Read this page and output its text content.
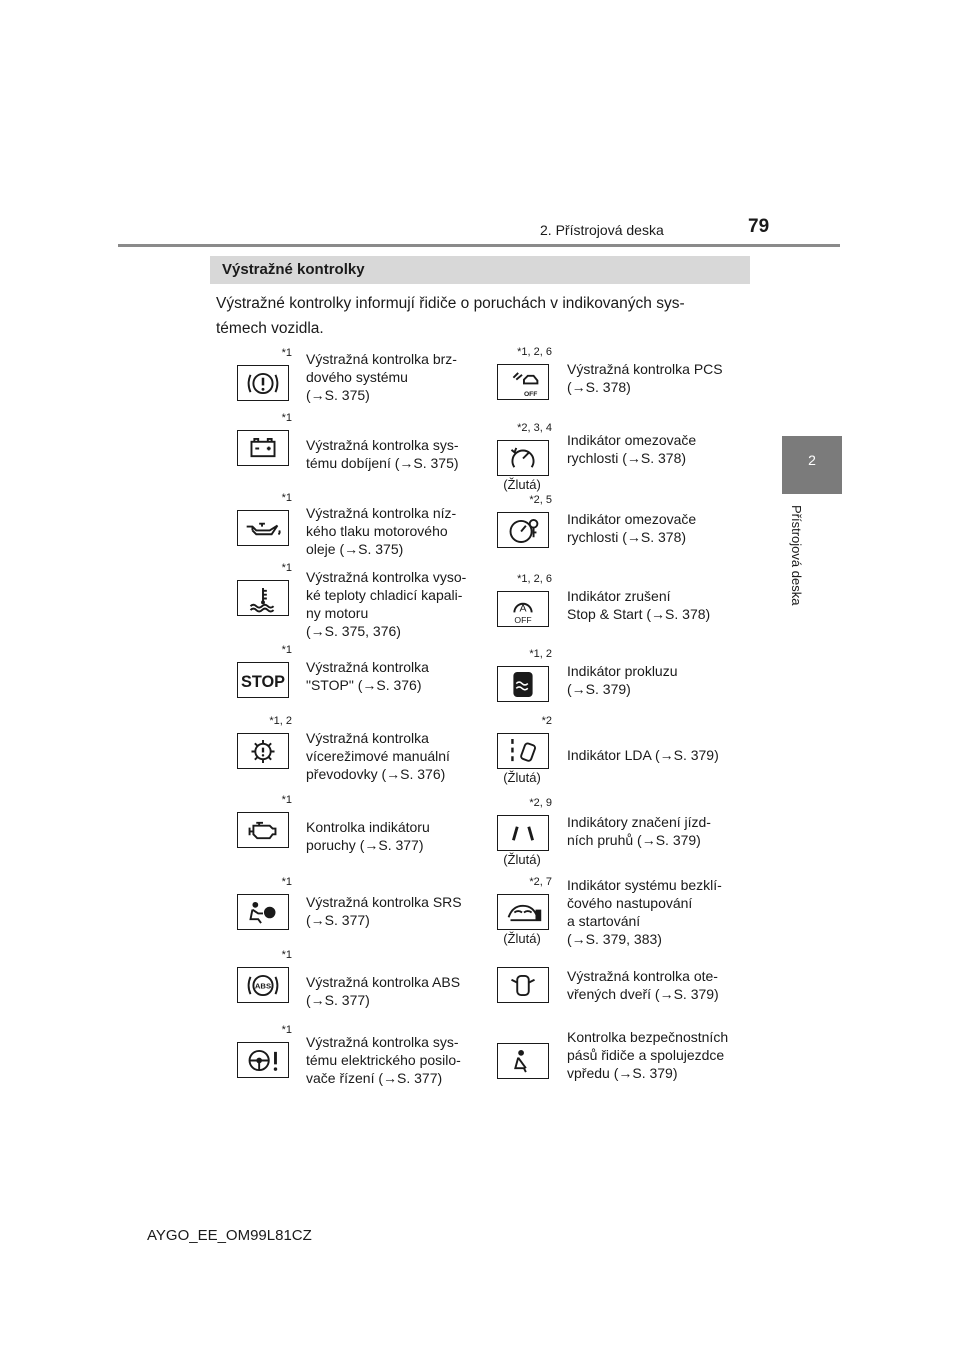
2. Přístrojová deska	79
2
Přístrojová deska
Výstražné kontrolky
Výstražné kontrolky informují řidiče o poruchách v indikovaných sys-
témech vozidla.
*1 Výstražná kontrolka brz-
dového systému
(→S. 375)
*1
Výstražná kontrolka sys-
tému dobíjení (→S. 375)
*1
Výstražná kontrolka níz-
kého tlaku motorového
oleje (→S. 375)
*1
Výstražná kontrolka vyso-
ké teploty chladicí kapali-
ny motoru
(→S. 375, 376)
STOP
*1
Výstražná kontrolka
"STOP" (→S. 376)
*1, 2
Výstražná kontrolka
vícerežimové manuální
převodovky (→S. 376)
*1
Kontrolka indikátoru
poruchy (→S. 377)
*1
Výstražná kontrolka SRS
(→S. 377)
ABS
*1
Výstražná kontrolka ABS
(→S. 377)
*1
Výstražná kontrolka sys-
tému elektrického posilo-
vače řízení (→S. 377)
OFF
*1, 2, 6
Výstražná kontrolka PCS
(→S. 378)
*2, 3, 4
(Žlutá)
Indikátor omezovače
rychlosti (→S. 378)
*2, 5
Indikátor omezovače
rychlosti (→S. 378)
A
OFF
*1, 2, 6
Indikátor zrušení
Stop & Start (→S. 378)
*1, 2
Indikátor prokluzu
(→S. 379)
*2
(Žlutá)
Indikátor LDA (→S. 379)
*2, 9
(Žlutá)
Indikátory značení jízd-
ních pruhů (→S. 379)
*2, 7
(Žlutá)
Indikátor systému bezklí-
čového nastupování
a startování
(→S. 379, 383)
Výstražná kontrolka ote-
vřených dveří (→S. 379)
Kontrolka bezpečnostních
pásů řidiče a spolujezdce
vpředu (→S. 379)
AYGO_EE_OM99L81CZ
